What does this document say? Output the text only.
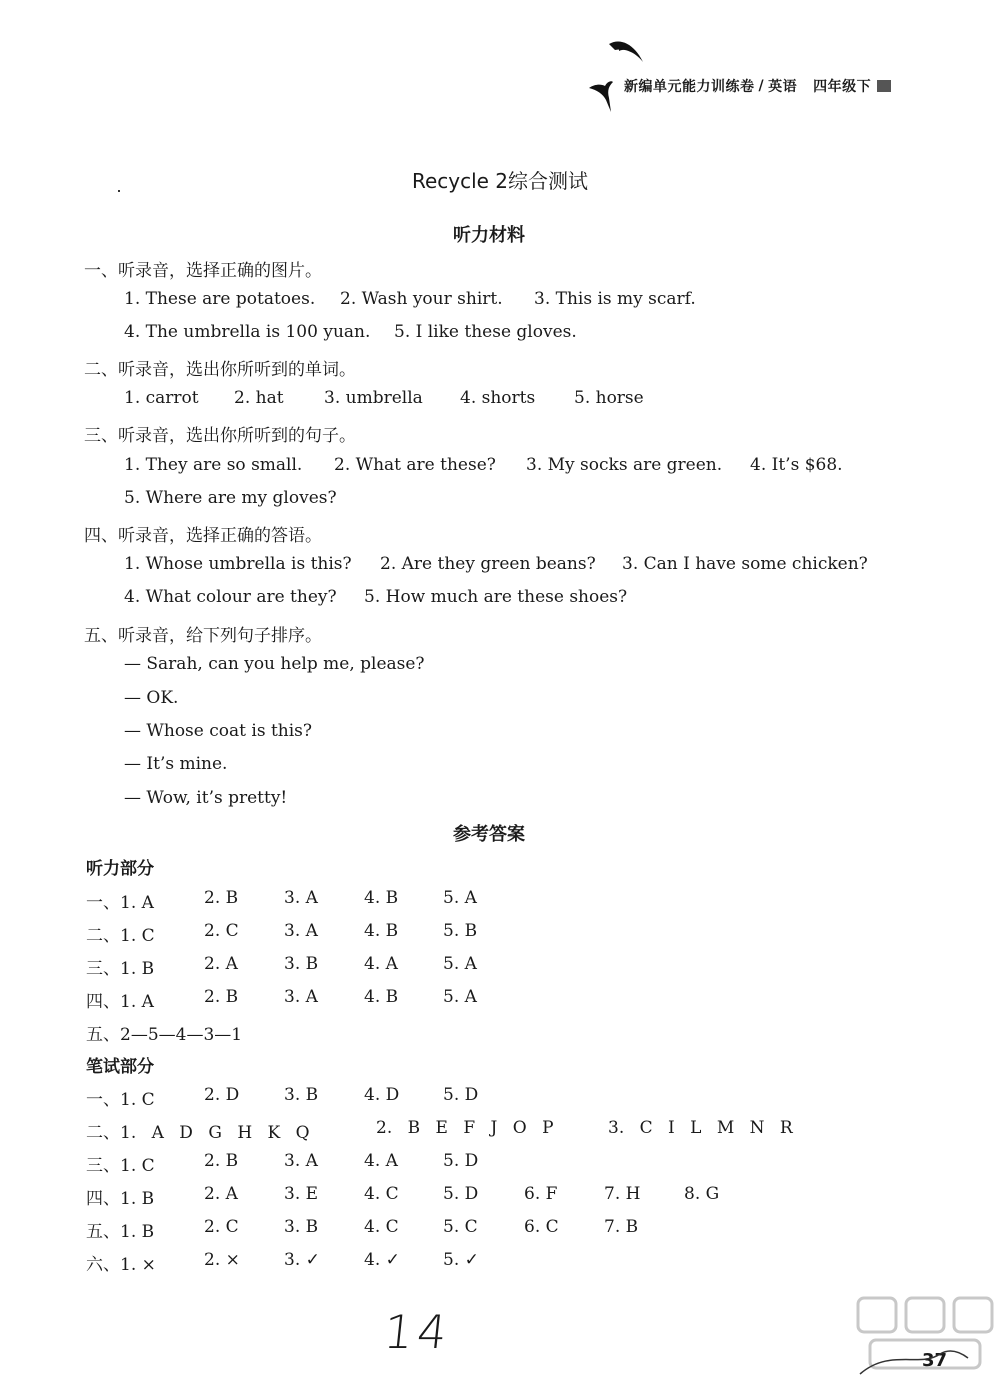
新编单元能力训练卷 / 英语 四年级下
Recycle 2综合测试
听力材料
一、听录音，选择正确的图片。
1. These are potatoes. 2. Wash your shirt. 3. This is my scarf.
4. The umbrella is 100 yuan. 5. I like these gloves.
二、听录音，选出你所听到的单词。
1. carrot 2. hat 3. umbrella 4. shorts 5. horse
三、听录音，选出你所听到的句子。
1. They are so small. 2. What are these? 3. My socks are green. 4. It’s $68.
5. Where are my gloves?
四、听录音，选择正确的答语。
1. Whose umbrella is this? 2. Are they green beans? 3. Can I have some chicken?
4. What colour are they? 5. How much are these shoes?
五、听录音，给下列句子排序。
— Sarah, can you help me, please?
— OK.
— Whose coat is this?
— It’s mine.
— Wow, it’s pretty!
参考答案
听力部分
一、1. A	2. B	3. A	4. B	5. A
二、1. C	2. C	3. A	4. B	5. B
三、1. B	2. A	3. B	4. A	5. A
四、1. A	2. B	3. A	4. B	5. A
五、2—5—4—3—1
笔试部分
一、1. C	2. D	3. B	4. D	5. D
二、1. A D G H K Q	2. B E F J O P	3. C I L M N R
三、1. C	2. B	3. A	4. A	5. D
四、1. B	2. A	3. E	4. C	5. D	6. F	7. H	8. G
五、1. B	2. C	3. B	4. C	5. C	6. C	7. B
六、1. ×	2. ×	3. ✓	4. ✓	5. ✓
14
37
